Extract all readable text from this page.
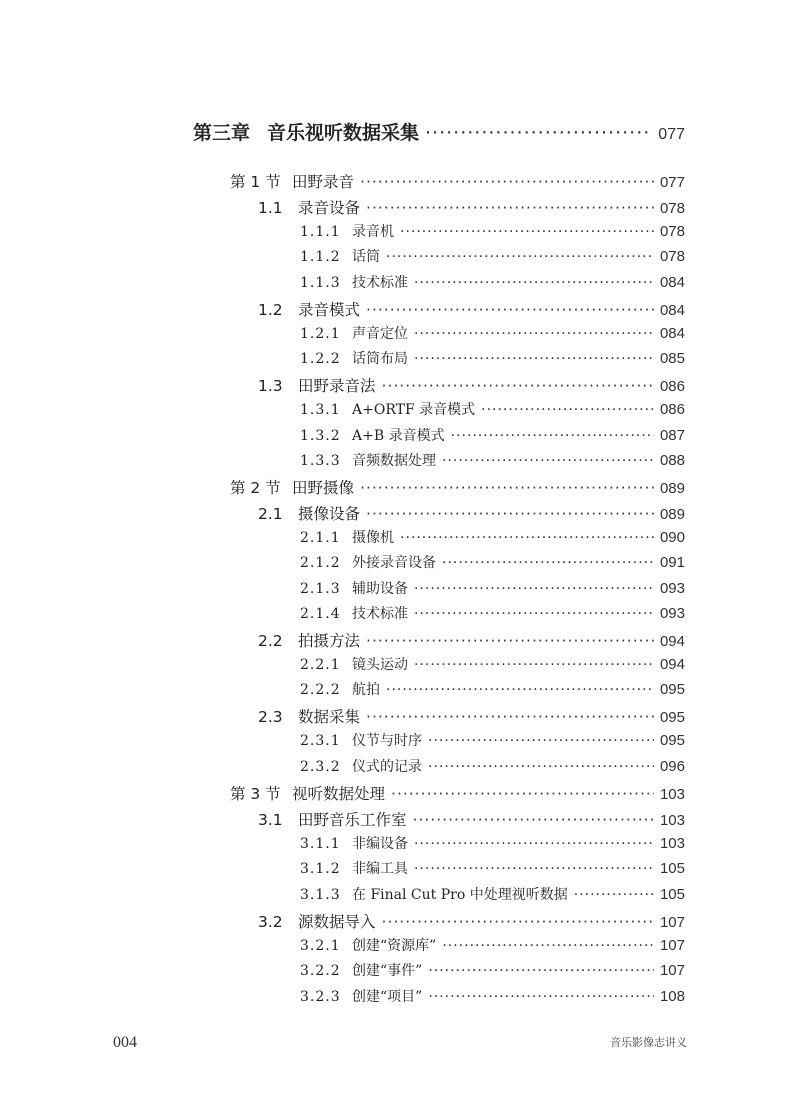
第三章 音乐视听数据采集 ·····	077
第 1 节 田野录音 ·····	077
1.1 录音设备 ·····	078
1.1.1 录音机 ·····	078
1.1.2 话筒 ·····	078
1.1.3 技术标准 ·····	084
1.2 录音模式 ·····	084
1.2.1 声音定位 ·····	084
1.2.2 话筒布局 ·····	085
1.3 田野录音法 ·····	086
1.3.1 A+ORTF 录音模式 ·····	086
1.3.2 A+B 录音模式 ·····	087
1.3.3 音频数据处理 ·····	088
第 2 节 田野摄像 ·····	089
2.1 摄像设备 ·····	089
2.1.1 摄像机 ·····	090
2.1.2 外接录音设备 ·····	091
2.1.3 辅助设备 ·····	093
2.1.4 技术标准 ·····	093
2.2 拍摄方法 ·····	094
2.2.1 镜头运动 ·····	094
2.2.2 航拍 ·····	095
2.3 数据采集 ·····	095
2.3.1 仪节与时序 ·····	095
2.3.2 仪式的记录 ·····	096
第 3 节 视听数据处理 ·····	103
3.1 田野音乐工作室 ·····	103
3.1.1 非编设备 ·····	103
3.1.2 非编工具 ·····	105
3.1.3 在 Final Cut Pro 中处理视听数据 ·····	105
3.2 源数据导入 ·····	107
3.2.1 创建“资源库” ·····	107
3.2.2 创建“事件” ·····	107
3.2.3 创建“项目” ·····	108
004	音乐影像志讲义
